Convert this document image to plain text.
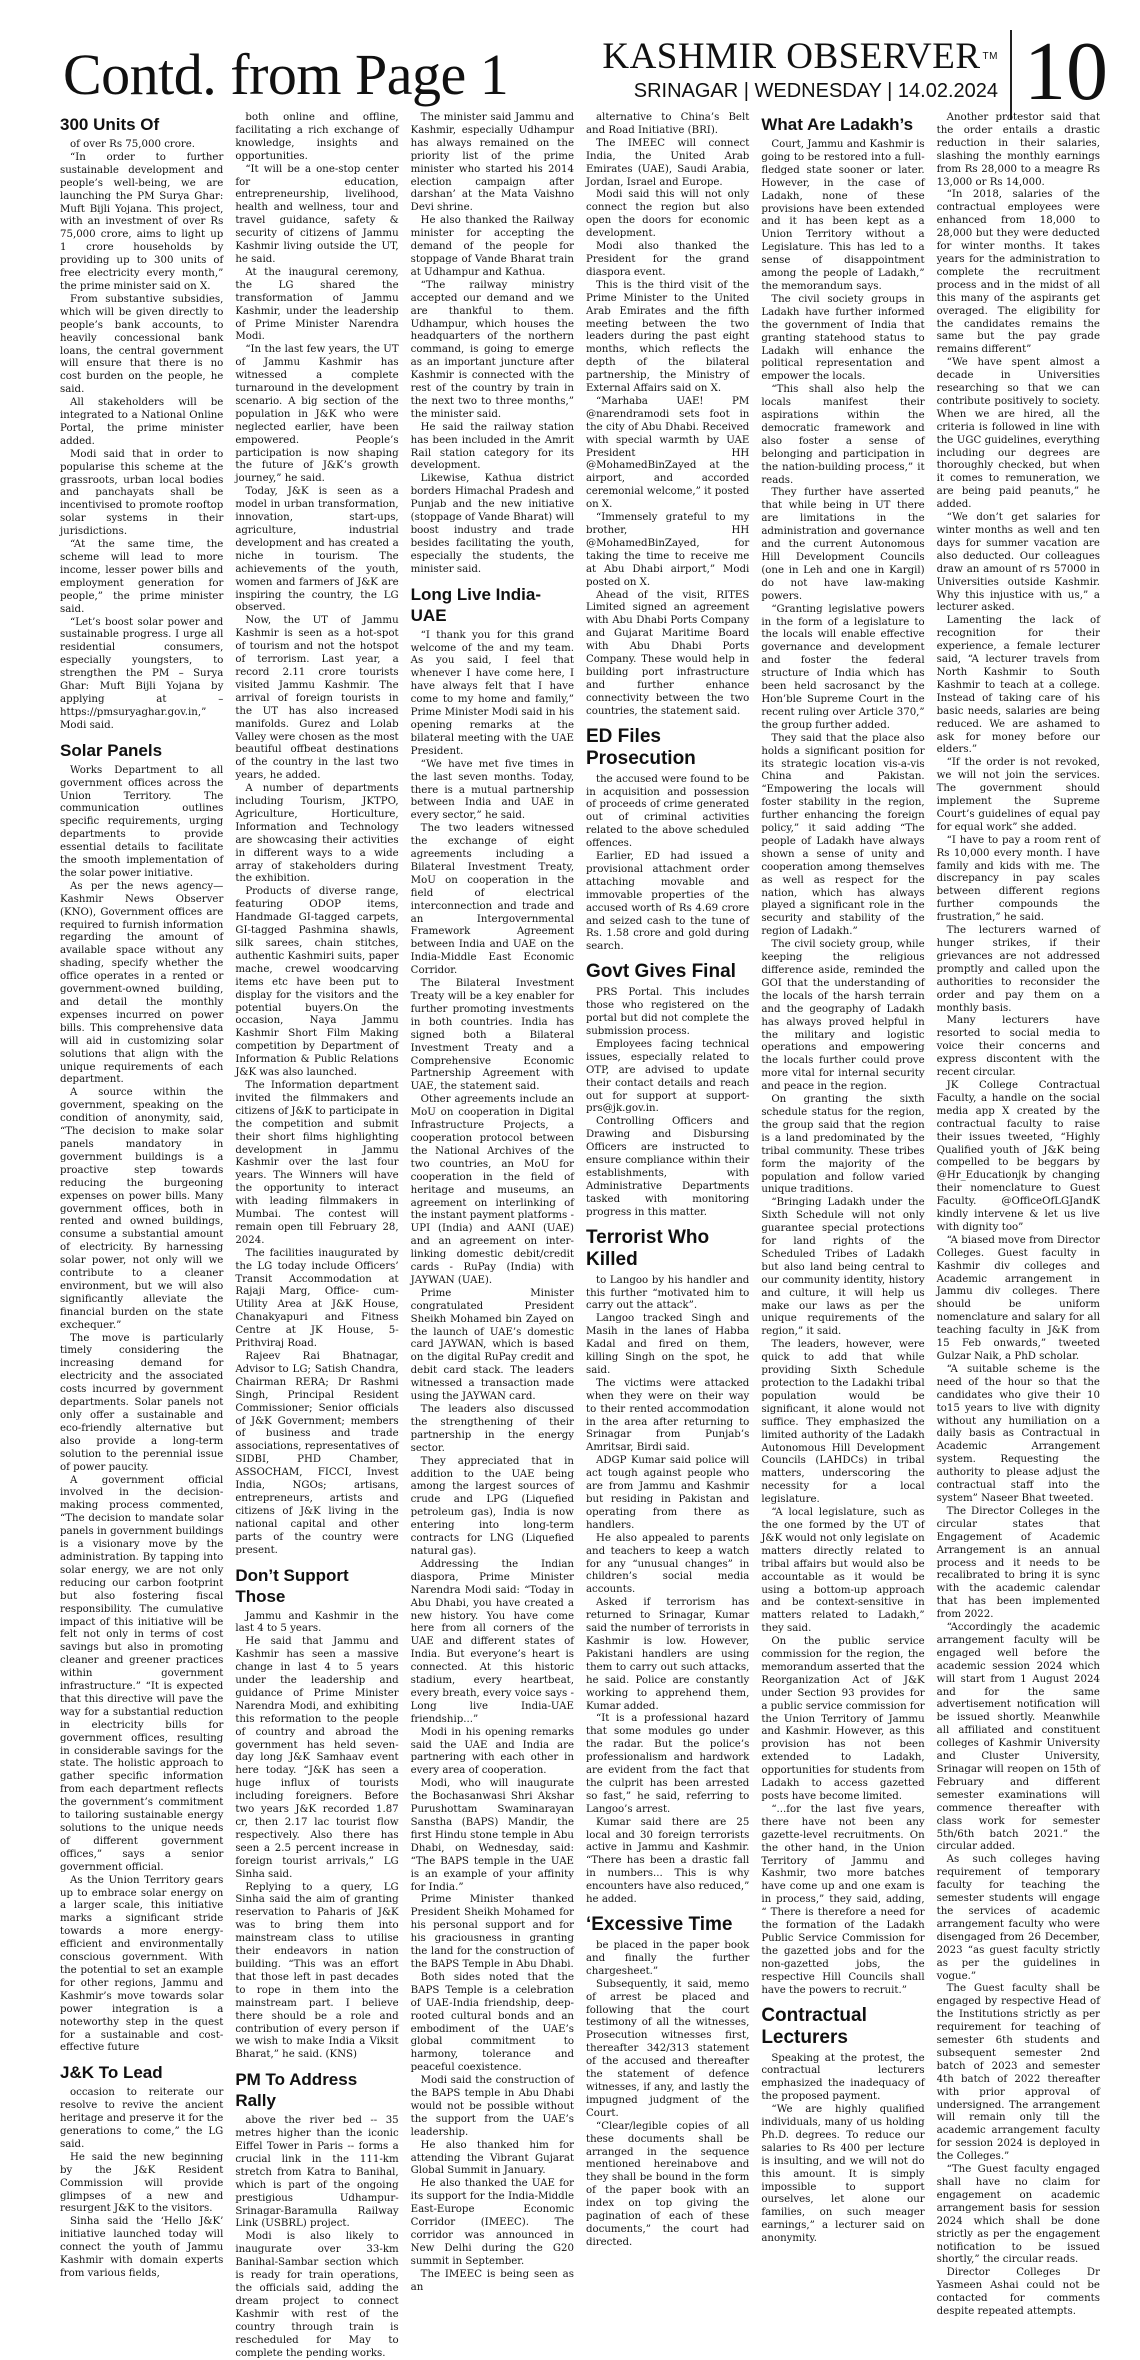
Contd. from Page 1	KASHMIR OBSERVER ™
SRINAGAR | WEDNESDAY | 14.02.2024 10
300 Units Of

of over Rs 75,000 crore.

“In order to further sustainable development and people’s well-being, we are launching the PM Surya Ghar: Muft Bijli Yojana. This project, with an investment of over Rs 75,000 crore, aims to light up 1 crore households by providing up to 300 units of free electricity every month,” the prime minister said on X.

From substantive subsidies, which will be given directly to people’s bank accounts, to heavily concessional bank loans, the central government will ensure that there is no cost burden on the people, he said.

All stakeholders will be integrated to a National Online Portal, the prime minister added.

Modi said that in order to popularise this scheme at the grassroots, urban local bodies and panchayats shall be incentivised to promote rooftop solar systems in their jurisdictions.

“At the same time, the scheme will lead to more income, lesser power bills and employment generation for people,” the prime minister said.

“Let’s boost solar power and sustainable progress. I urge all residential consumers, especially youngsters, to strengthen the PM – Surya Ghar: Muft Bijli Yojana by applying at – https://pmsuryaghar.gov.in,” Modi said.

Solar Panels

Works Department to all government offices across the Union Territory. The communication outlines specific requirements, urging departments to provide essential details to facilitate the smooth implementation of the solar power initiative.

As per the news agency—Kashmir News Observer (KNO), Government offices are required to furnish information regarding the amount of available space without any shading, specify whether the office operates in a rented or government-owned building, and detail the monthly expenses incurred on power bills. This comprehensive data will aid in customizing solar solutions that align with the unique requirements of each department.

A source within the government, speaking on the condition of anonymity, said, “The decision to make solar panels mandatory in government buildings is a proactive step towards reducing the burgeoning expenses on power bills. Many government offices, both in rented and owned buildings, consume a substantial amount of electricity. By harnessing solar power, not only will we contribute to a cleaner environment, but we will also significantly alleviate the financial burden on the state exchequer.”

The move is particularly timely considering the increasing demand for electricity and the associated costs incurred by government departments. Solar panels not only offer a sustainable and eco-friendly alternative but also provide a long-term solution to the perennial issue of power paucity.

A government official involved in the decision-making process commented, “The decision to mandate solar panels in government buildings is a visionary move by the administration. By tapping into solar energy, we are not only reducing our carbon footprint but also fostering fiscal responsibility. The cumulative impact of this initiative will be felt not only in terms of cost savings but also in promoting cleaner and greener practices within government infrastructure.” “It is expected that this directive will pave the way for a substantial reduction in electricity bills for government offices, resulting in considerable savings for the state. The holistic approach to gather specific information from each department reflects the government’s commitment to tailoring sustainable energy solutions to the unique needs of different government offices,” says a senior government official.

As the Union Territory gears up to embrace solar energy on a larger scale, this initiative marks a significant stride towards a more energy-efficient and environmentally conscious government. With the potential to set an example for other regions, Jammu and Kashmir’s move towards solar power integration is a noteworthy step in the quest for a sustainable and cost-effective future

J&K To Lead

occasion to reiterate our resolve to revive the ancient heritage and preserve it for the generations to come,” the LG said.

He said the new beginning by the J&K Resident Commission will provide glimpses of a new and resurgent J&K to the visitors.

Sinha said the ‘Hello J&K’ initiative launched today will connect the youth of Jammu Kashmir with domain experts from various fields,

both online and offline, facilitating a rich exchange of knowledge, insights and opportunities.

“It will be a one-stop center for education, entrepreneurship, livelihood, health and wellness, tour and travel guidance, safety & security of citizens of Jammu Kashmir living outside the UT, he said.

At the inaugural ceremony, the LG shared the transformation of Jammu Kashmir, under the leadership of Prime Minister Narendra Modi.

“In the last few years, the UT of Jammu Kashmir has witnessed a complete turnaround in the development scenario. A big section of the population in J&K who were neglected earlier, have been empowered. People’s participation is now shaping the future of J&K’s growth journey,” he said.

Today, J&K is seen as a model in urban transformation, innovation, start-ups, agriculture, industrial development and has created a niche in tourism. The achievements of the youth, women and farmers of J&K are inspiring the country, the LG observed.

Now, the UT of Jammu Kashmir is seen as a hot-spot of tourism and not the hotspot of terrorism. Last year, a record 2.11 crore tourists visited Jammu Kashmir. The arrival of foreign tourists in the UT has also increased manifolds. Gurez and Lolab Valley were chosen as the most beautiful offbeat destinations of the country in the last two years, he added.

A number of departments including Tourism, JKTPO, Agriculture, Horticulture, Information and Technology are showcasing their activities in different ways to a wide array of stakeholders during the exhibition.

Products of diverse range, featuring ODOP items, Handmade GI-tagged carpets, GI-tagged Pashmina shawls, silk sarees, chain stitches, authentic Kashmiri suits, paper mache, crewel woodcarving items etc have been put to display for the visitors and the potential buyers.On the occasion, Naya Jammu Kashmir Short Film Making competition by Department of Information & Public Relations J&K was also launched.

The Information department invited the filmmakers and citizens of J&K to participate in the competition and submit their short films highlighting development in Jammu Kashmir over the last four years. The Winners will have the opportunity to interact with leading filmmakers in Mumbai. The contest will remain open till February 28, 2024.

The facilities inaugurated by the LG today include Officers’ Transit Accommodation at Rajaji Marg, Office- cum- Utility Area at J&K House, Chanakyapuri and Fitness Centre at JK House, 5- Prithviraj Road.

Rajeev Rai Bhatnagar, Advisor to LG; Satish Chandra, Chairman RERA; Dr Rashmi Singh, Principal Resident Commissioner; Senior officials of J&K Government; members of business and trade associations, representatives of SIDBI, PHD Chamber, ASSOCHAM, FICCI, Invest India, NGOs; artisans, entrepreneurs, artists and citizens of J&K living in the national capital and other parts of the country were present.

Don’t Support Those

Jammu and Kashmir in the last 4 to 5 years.

He said that Jammu and Kashmir has seen a massive change in last 4 to 5 years under the leadership and guidance of Prime Minister Narendra Modi, and exhibiting this reformation to the people of country and abroad the government has held seven-day long J&K Samhaav event here today. “J&K has seen a huge influx of tourists including foreigners. Before two years J&K recorded 1.87 cr, then 2.17 lac tourist flow respectively. Also there has seen a 2.5 percent increase in foreign tourist arrivals,” LG Sinha said.

Replying to a query, LG Sinha said the aim of granting reservation to Paharis of J&K was to bring them into mainstream class to utilise their endeavors in nation building. “This was an effort that those left in past decades to rope in them into the mainstream part. I believe there should be a role and contribution of every person if we wish to make India a Viksit Bharat,” he said. (KNS)

PM To Address Rally

above the river bed -- 35 metres higher than the iconic Eiffel Tower in Paris -- forms a crucial link in the 111-km stretch from Katra to Banihal, which is part of the ongoing prestigious Udhampur-Srinagar-Baramulla Railway Link (USBRL) project.

Modi is also likely to inaugurate over 33-km Banihal-Sambar section which is ready for train operations, the officials said, adding the dream project to connect Kashmir with rest of the country through train is rescheduled for May to complete the pending works.

The minister said Jammu and Kashmir, especially Udhampur has always remained on the priority list of the prime minister who started his 2014 election campaign after darshan’ at the Mata Vaishno Devi shrine.

He also thanked the Railway minister for accepting the demand of the people for stoppage of Vande Bharat train at Udhampur and Kathua.

“The railway ministry accepted our demand and we are thankful to them. Udhampur, which houses the headquarters of the northern command, is going to emerge as an important juncture after Kashmir is connected with the rest of the country by train in the next two to three months,” the minister said.

He said the railway station has been included in the Amrit Rail station category for its development.

Likewise, Kathua district borders Himachal Pradesh and Punjab and the new initiative (stoppage of Vande Bharat) will boost industry and trade besides facilitating the youth, especially the students, the minister said.

Long Live India-UAE

“I thank you for this grand welcome of the and my team. As you said, I feel that whenever I have come here, I have always felt that I have come to my home and family,” Prime Minister Modi said in his opening remarks at the bilateral meeting with the UAE President.

“We have met five times in the last seven months. Today, there is a mutual partnership between India and UAE in every sector,” he said.

The two leaders witnessed the exchange of eight agreements including a Bilateral Investment Treaty, MoU on cooperation in the field of electrical interconnection and trade and an Intergovernmental Framework Agreement between India and UAE on the India-Middle East Economic Corridor.

The Bilateral Investment Treaty will be a key enabler for further promoting investments in both countries. India has signed both a Bilateral Investment Treaty and a Comprehensive Economic Partnership Agreement with UAE, the statement said.

Other agreements include an MoU on cooperation in Digital Infrastructure Projects, a cooperation protocol between the National Archives of the two countries, an MoU for cooperation in the field of heritage and museums, an agreement on interlinking of the instant payment platforms - UPI (India) and AANI (UAE) and an agreement on inter-linking domestic debit/credit cards - RuPay (India) with JAYWAN (UAE).

Prime Minister congratulated President Sheikh Mohamed bin Zayed on the launch of UAE’s domestic card JAYWAN, which is based on the digital RuPay credit and debit card stack. The leaders witnessed a transaction made using the JAYWAN card.

The leaders also discussed the strengthening of their partnership in the energy sector.

They appreciated that in addition to the UAE being among the largest sources of crude and LPG (Liquefied petroleum gas), India is now entering into long-term contracts for LNG (Liquefied natural gas).

Addressing the Indian diaspora, Prime Minister Narendra Modi said: “Today in Abu Dhabi, you have created a new history. You have come here from all corners of the UAE and different states of India. But everyone’s heart is connected. At this historic stadium, every heartbeat, every breath, every voice says - Long live India-UAE friendship...”

Modi in his opening remarks said the UAE and India are partnering with each other in every area of cooperation.

Modi, who will inaugurate the Bochasanwasi Shri Akshar Purushottam Swaminarayan Sanstha (BAPS) Mandir, the first Hindu stone temple in Abu Dhabi, on Wednesday, said: “The BAPS temple in the UAE is an example of your affinity for India.”

Prime Minister thanked President Sheikh Mohamed for his personal support and for his graciousness in granting the land for the construction of the BAPS Temple in Abu Dhabi.

Both sides noted that the BAPS Temple is a celebration of UAE-India friendship, deep-rooted cultural bonds and an embodiment of the UAE’s global commitment to harmony, tolerance and peaceful coexistence.

Modi said the construction of the BAPS temple in Abu Dhabi would not be possible without the support from the UAE’s leadership.

He also thanked him for attending the Vibrant Gujarat Global Summit in January.

He also thanked the UAE for its support for the India-Middle East-Europe Economic Corridor (IMEEC). The corridor was announced in New Delhi during the G20 summit in September.

The IMEEC is being seen as an

alternative to China’s Belt and Road Initiative (BRI).

The IMEEC will connect India, the United Arab Emirates (UAE), Saudi Arabia, Jordan, Israel and Europe.

Modi said this will not only connect the region but also open the doors for economic development.

Modi also thanked the President for the grand diaspora event.

This is the third visit of the Prime Minister to the United Arab Emirates and the fifth meeting between the two leaders during the past eight months, which reflects the depth of the bilateral partnership, the Ministry of External Affairs said on X.

“Marhaba UAE! PM @narendramodi sets foot in the city of Abu Dhabi. Received with special warmth by UAE President HH @MohamedBinZayed at the airport, and accorded ceremonial welcome,” it posted on X.

“Immensely grateful to my brother, HH @MohamedBinZayed, for taking the time to receive me at Abu Dhabi airport,” Modi posted on X.

Ahead of the visit, RITES Limited signed an agreement with Abu Dhabi Ports Company and Gujarat Maritime Board with Abu Dhabi Ports Company. These would help in building port infrastructure and further enhance connectivity between the two countries, the statement said.

ED Files Prosecution

the accused were found to be in acquisition and possession of proceeds of crime generated out of criminal activities related to the above scheduled offences.

Earlier, ED had issued a provisional attachment order attaching movable and immovable properties of the accused worth of Rs 4.69 crore and seized cash to the tune of Rs. 1.58 crore and gold during search.

Govt Gives Final

PRS Portal. This includes those who registered on the portal but did not complete the submission process.

Employees facing technical issues, especially related to OTP, are advised to update their contact details and reach out for support at support-prs@jk.gov.in.

Controlling Officers and Drawing and Disbursing Officers are instructed to ensure compliance within their establishments, with Administrative Departments tasked with monitoring progress in this matter.

Terrorist Who Killed

to Langoo by his handler and this further “motivated him to carry out the attack”.

Langoo tracked Singh and Masih in the lanes of Habba Kadal and fired on them, killing Singh on the spot, he said.

The victims were attacked when they were on their way to their rented accommodation in the area after returning to Srinagar from Punjab’s Amritsar, Birdi said.

ADGP Kumar said police will act tough against people who are from Jammu and Kashmir but residing in Pakistan and operating from there as handlers.

He also appealed to parents and teachers to keep a watch for any “unusual changes” in children’s social media accounts.

Asked if terrorism has returned to Srinagar, Kumar said the number of terrorists in Kashmir is low. However, Pakistani handlers are using them to carry out such attacks, he said. Police are constantly working to apprehend them, Kumar added.

“It is a professional hazard that some modules go under the radar. But the police’s professionalism and hardwork are evident from the fact that the culprit has been arrested so fast,” he said, referring to Langoo’s arrest.

Kumar said there are 25 local and 30 foreign terrorists active in Jammu and Kashmir. “There has been a drastic fall in numbers... This is why encounters have also reduced,” he added.

‘Excessive Time

be placed in the paper book and finally the further chargesheet.”

Subsequently, it said, memo of arrest be placed and following that the court testimony of all the witnesses, Prosecution witnesses first, thereafter 342/313 statement of the accused and thereafter the statement of defence witnesses, if any, and lastly the impugned judgment of the Court.

“Clear/legible copies of all these documents shall be arranged in the sequence mentioned hereinabove and they shall be bound in the form of the paper book with an index on top giving the pagination of each of these documents,” the court had directed.

What Are Ladakh’s

Court, Jammu and Kashmir is going to be restored into a full-fledged state sooner or later. However, in the case of Ladakh, none of these provisions have been extended and it has been kept as a Union Territory without a Legislature. This has led to a sense of disappointment among the people of Ladakh,” the memorandum says.

The civil society groups in Ladakh have further informed the government of India that granting statehood status to Ladakh will enhance the political representation and empower the locals.

“This shall also help the locals manifest their aspirations within the democratic framework and also foster a sense of belonging and participation in the nation-building process,” it reads.

They further have asserted that while being in UT there are limitations in the administration and governance and the current Autonomous Hill Development Councils (one in Leh and one in Kargil) do not have law-making powers.

“Granting legislative powers in the form of a legislature to the locals will enable effective governance and development and foster the federal structure of India which has been held sacrosanct by the Hon’ble Supreme Court in the recent ruling over Article 370,” the group further added.

They said that the place also holds a significant position for its strategic location vis-a-vis China and Pakistan. “Empowering the locals will foster stability in the region, further enhancing the foreign policy,” it said adding “The people of Ladakh have always shown a sense of unity and cooperation among themselves as well as respect for the nation, which has always played a significant role in the security and stability of the region of Ladakh.”

The civil society group, while keeping the religious difference aside, reminded the GOI that the understanding of the locals of the harsh terrain and the geography of Ladakh has always proved helpful in the military and logistic operations and empowering the locals further could prove more vital for internal security and peace in the region.

On granting the sixth schedule status for the region, the group said that the region is a land predominated by the tribal community. These tribes form the majority of the population and follow varied unique traditions.

“Bringing Ladakh under the Sixth Schedule will not only guarantee special protections for land rights of the Scheduled Tribes of Ladakh but also land being central to our community identity, history and culture, it will help us make our laws as per the unique requirements of the region,” it said.

The leaders, however, were quick to add that while providing Sixth Schedule protection to the Ladakhi tribal population would be significant, it alone would not suffice. They emphasized the limited authority of the Ladakh Autonomous Hill Development Councils (LAHDCs) in tribal matters, underscoring the necessity for a local legislature.

“A local legislature, such as the one formed by the UT of J&K would not only legislate on matters directly related to tribal affairs but would also be accountable as it would be using a bottom-up approach and be context-sensitive in matters related to Ladakh,” they said.

On the public service commission for the region, the memorandum asserted that the Reorganization Act of J&K under Section 93 provides for a public service commission for the Union Territory of Jammu and Kashmir. However, as this provision has not been extended to Ladakh, opportunities for students from Ladakh to access gazetted posts have become limited.

“...for the last five years, there have not been any gazette-level recruitments. On the other hand, in the Union Territory of Jammu and Kashmir, two more batches have come up and one exam is in process,” they said, adding, “ There is therefore a need for the formation of the Ladakh Public Service Commission for the gazetted jobs and for the non-gazetted jobs, the respective Hill Councils shall have the powers to recruit.”

Contractual Lecturers

Speaking at the protest, the contractual lecturers emphasized the inadequacy of the proposed payment.

“We are highly qualified individuals, many of us holding Ph.D. degrees. To reduce our salaries to Rs 400 per lecture is insulting, and we will not do this amount. It is simply impossible to support ourselves, let alone our families, on such meager earnings,” a lecturer said on anonymity.

Another protestor said that the order entails a drastic reduction in their salaries, slashing the monthly earnings from Rs 28,000 to a meagre Rs 13,000 or Rs 14,000.

“In 2018, salaries of the contractual employees were enhanced from 18,000 to 28,000 but they were deducted for winter months. It takes years for the administration to complete the recruitment process and in the midst of all this many of the aspirants get overaged. The eligibility for the candidates remains the same but the pay grade remains different”

“We have spent almost a decade in Universities researching so that we can contribute positively to society. When we are hired, all the criteria is followed in line with the UGC guidelines, everything including our degrees are thoroughly checked, but when it comes to remuneration, we are being paid peanuts,” he added.

“We don’t get salaries for winter months as well and ten days for summer vacation are also deducted. Our colleagues draw an amount of rs 57000 in Universities outside Kashmir. Why this injustice with us,” a lecturer asked.

Lamenting the lack of recognition for their experience, a female lecturer said, “A lecturer travels from North Kashmir to South Kashmir to teach at a college. Instead of taking care of his basic needs, salaries are being reduced. We are ashamed to ask for money before our elders.”

“If the order is not revoked, we will not join the services. The government should implement the Supreme Court’s guidelines of equal pay for equal work” she added.

“I have to pay a room rent of Rs 10,000 every month. I have family and kids with me. The discrepancy in pay scales between different regions further compounds the frustration,” he said.

The lecturers warned of hunger strikes, if their grievances are not addressed promptly and called upon the authorities to reconsider the order and pay them on a monthly basis.

Many lecturers have resorted to social media to voice their concerns and express discontent with the recent circular.

JK College Contractual Faculty, a handle on the social media app X created by the contractual faculty to raise their issues tweeted, “Highly Qualified youth of J&K being compelled to be beggars by @Hr_Educationjk by changing their nomenclature to Guest Faculty. @OfficeOfLGJandK kindly intervene & let us live with dignity too”

“A biased move from Director Colleges. Guest faculty in Kashmir div colleges and Academic arrangement in Jammu div colleges. There should be uniform nomenclature and salary for all teaching faculty in J&K from 15 Feb onwards,” tweeted Gulzar Naik, a PhD scholar.

“A suitable scheme is the need of the hour so that the candidates who give their 10 to15 years to live with dignity without any humiliation on a daily basis as Contractual in Academic Arrangement system. Requesting the authority to please adjust the contractual staff into the system” Naseer Bhat tweeted.

The Director Colleges in the circular states that Engagement of Academic Arrangement is an annual process and it needs to be recalibrated to bring it is sync with the academic calendar that has been implemented from 2022.

“Accordingly the academic arrangement faculty will be engaged well before the academic session 2024 which will start from 1 August 2024 and for the same advertisement notification will be issued shortly. Meanwhile all affiliated and constituent colleges of Kashmir University and Cluster University, Srinagar will reopen on 15th of February and different semester examinations will commence thereafter with class work for semester 5th/6th batch 2021.” the circular added.

As such colleges having requirement of temporary faculty for teaching the semester students will engage the services of academic arrangement faculty who were disengaged from 26 December, 2023 “as guest faculty strictly as per the guidelines in vogue.”

The Guest faculty shall be engaged by respective Head of the Institutions strictly as per requirement for teaching of semester 6th students and subsequent semester 2nd batch of 2023 and semester 4th batch of 2022 thereafter with prior approval of undersigned. The arrangement will remain only till the academic arrangement faculty for session 2024 is deployed in the Colleges.”

“The Guest faculty engaged shall have no claim for engagement on academic arrangement basis for session 2024 which shall be done strictly as per the engagement notification to be issued shortly,” the circular reads.

Director Colleges Dr Yasmeen Ashai could not be contacted for comments despite repeated attempts.
